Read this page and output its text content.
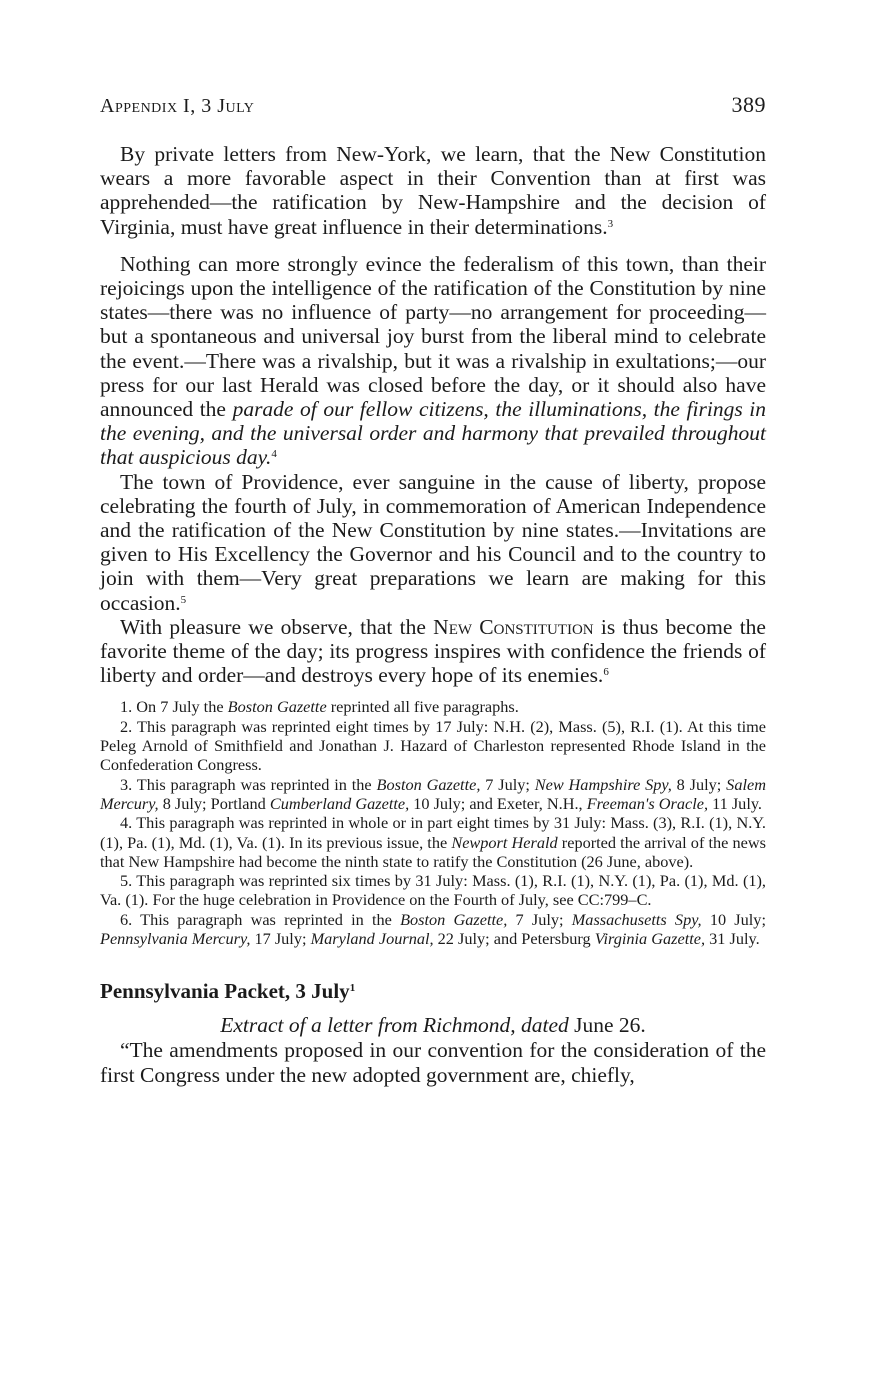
Appendix I, 3 July	389

By private letters from New-York, we learn, that the New Constitution wears a more favorable aspect in their Convention than at first was apprehended—the ratification by New-Hampshire and the decision of Virginia, must have great influence in their determinations.$^3$

Nothing can more strongly evince the federalism of this town, than their rejoicings upon the intelligence of the ratification of the Constitution by nine states—there was no influence of party—no arrangement for proceeding—but a spontaneous and universal joy burst from the liberal mind to celebrate the event.—There was a rivalship, but it was a rivalship in exultations;—our press for our last Herald was closed before the day, or it should also have announced the parade of our fellow citizens, the illuminations, the firings in the evening, and the universal order and harmony that prevailed throughout that auspicious day.$^4$

The town of Providence, ever sanguine in the cause of liberty, propose celebrating the fourth of July, in commemoration of American Independence and the ratification of the New Constitution by nine states.—Invitations are given to His Excellency the Governor and his Council and to the country to join with them—Very great preparations we learn are making for this occasion.$^5$

With pleasure we observe, that the New Constitution is thus become the favorite theme of the day; its progress inspires with confidence the friends of liberty and order—and destroys every hope of its enemies.$^6$

1. On 7 July the Boston Gazette reprinted all five paragraphs.

2. This paragraph was reprinted eight times by 17 July: N.H. (2), Mass. (5), R.I. (1). At this time Peleg Arnold of Smithfield and Jonathan J. Hazard of Charleston represented Rhode Island in the Confederation Congress.

3. This paragraph was reprinted in the Boston Gazette, 7 July; New Hampshire Spy, 8 July; Salem Mercury, 8 July; Portland Cumberland Gazette, 10 July; and Exeter, N.H., Freeman's Oracle, 11 July.

4. This paragraph was reprinted in whole or in part eight times by 31 July: Mass. (3), R.I. (1), N.Y. (1), Pa. (1), Md. (1), Va. (1). In its previous issue, the Newport Herald reported the arrival of the news that New Hampshire had become the ninth state to ratify the Constitution (26 June, above).

5. This paragraph was reprinted six times by 31 July: Mass. (1), R.I. (1), N.Y. (1), Pa. (1), Md. (1), Va. (1). For the huge celebration in Providence on the Fourth of July, see CC:799–C.

6. This paragraph was reprinted in the Boston Gazette, 7 July; Massachusetts Spy, 10 July; Pennsylvania Mercury, 17 July; Maryland Journal, 22 July; and Petersburg Virginia Gazette, 31 July.

Pennsylvania Packet, 3 July$^1$
Extract of a letter from Richmond, dated June 26.

“The amendments proposed in our convention for the consideration of the first Congress under the new adopted government are, chiefly,
